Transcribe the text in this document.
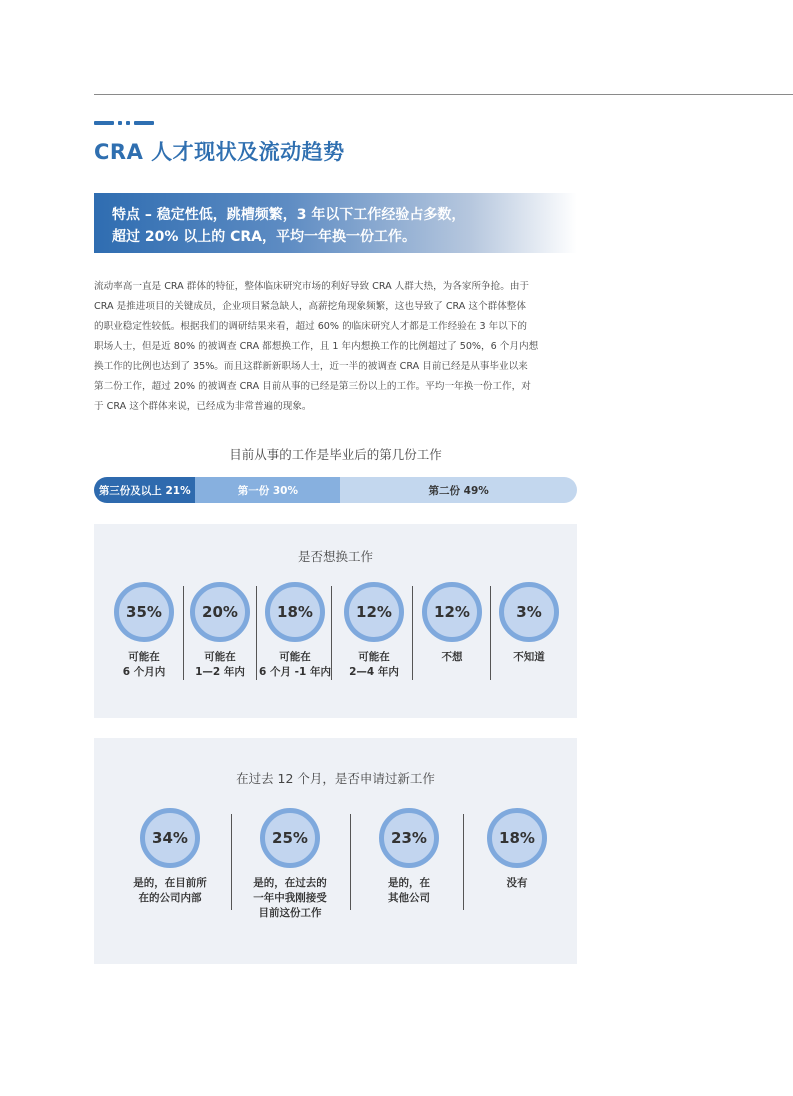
CRA 人才现状及流动趋势
特点 – 稳定性低，跳槽频繁，3 年以下工作经验占多数，
超过 20% 以上的 CRA，平均一年换一份工作。
流动率高一直是 CRA 群体的特征，整体临床研究市场的利好导致 CRA 人群大热，为各家所争抢。由于
CRA 是推进项目的关键成员，企业项目紧急缺人，高薪挖角现象频繁，这也导致了 CRA 这个群体整体
的职业稳定性较低。根据我们的调研结果来看，超过 60% 的临床研究人才都是工作经验在 3 年以下的
职场人士，但是近 80% 的被调查 CRA 都想换工作，且 1 年内想换工作的比例超过了 50%，6 个月内想
换工作的比例也达到了 35%。而且这群新新职场人士，近一半的被调查 CRA 目前已经是从事毕业以来
第二份工作，超过 20% 的被调查 CRA 目前从事的已经是第三份以上的工作。平均一年换一份工作，对
于 CRA 这个群体来说，已经成为非常普遍的现象。
目前从事的工作是毕业后的第几份工作
第三份及以上 21%	第一份 30%	第二份 49%
是否想换工作
35%
可能在
6 个月内
20%
可能在
1—2 年内
18%
可能在
6 个月 -1 年内
12%
可能在
2—4 年内
12%
不想
3%
不知道
在过去 12 个月，是否申请过新工作
34%
是的，在目前所
在的公司内部
25%
是的，在过去的
一年中我刚接受
目前这份工作
23%
是的，在
其他公司
18%
没有
